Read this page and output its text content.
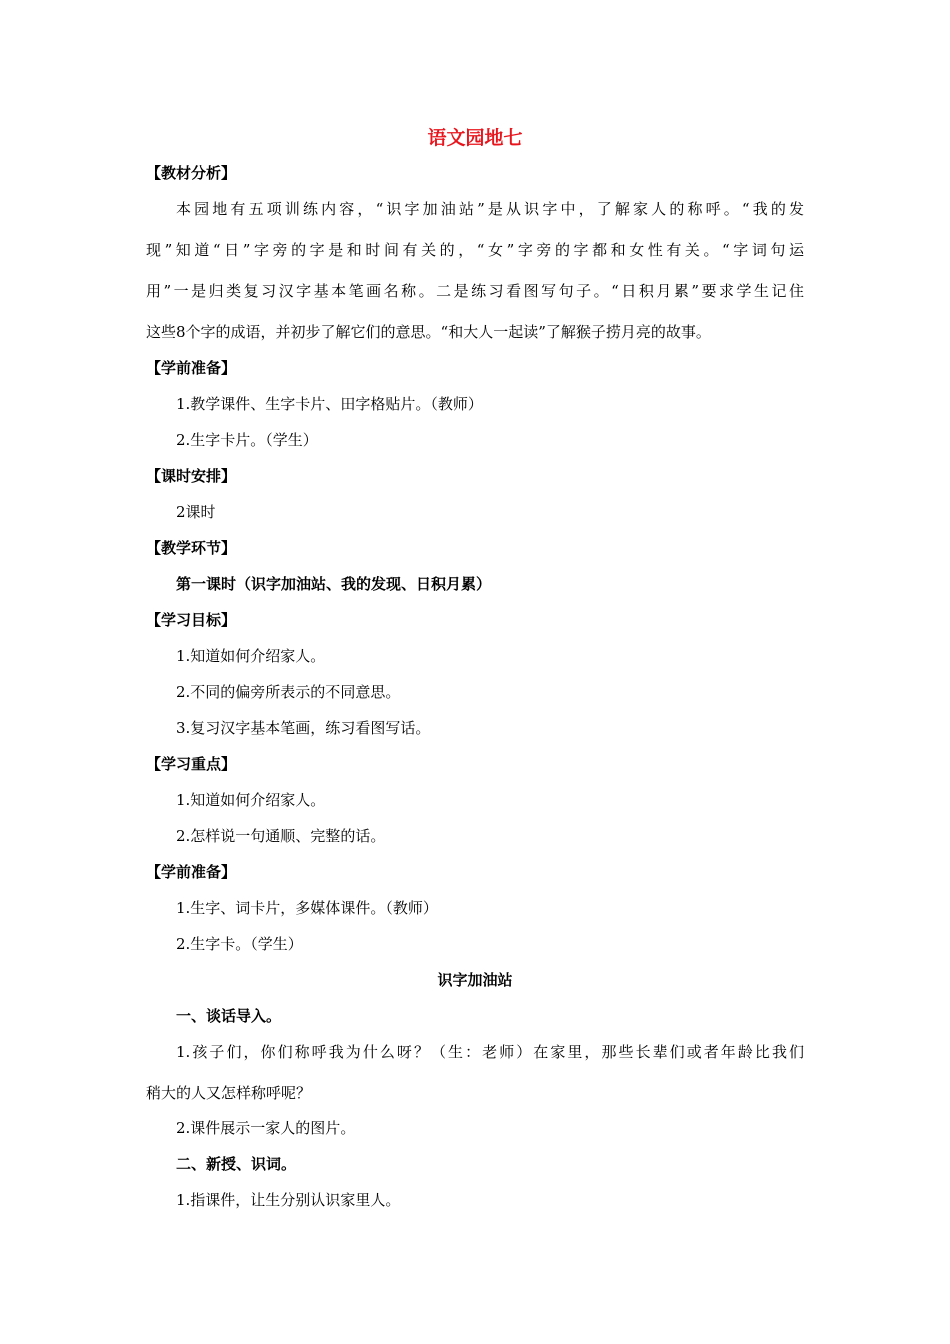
语文园地七
【教材分析】
本园地有五项训练内容，“识字加油站”是从识字中，了解家人的称呼。“我的发
现”知道“日”字旁的字是和时间有关的，“女”字旁的字都和女性有关。“字词句运
用”一是归类复习汉字基本笔画名称。二是练习看图写句子。“日积月累”要求学生记住
这些8个字的成语，并初步了解它们的意思。“和大人一起读”了解猴子捞月亮的故事。
【学前准备】
1.教学课件、生字卡片、田字格贴片。（教师）
2.生字卡片。（学生）
【课时安排】
2课时
【教学环节】
第一课时（识字加油站、我的发现、日积月累）
【学习目标】
1.知道如何介绍家人。
2.不同的偏旁所表示的不同意思。
3.复习汉字基本笔画，练习看图写话。
【学习重点】
1.知道如何介绍家人。
2.怎样说一句通顺、完整的话。
【学前准备】
1.生字、词卡片，多媒体课件。（教师）
2.生字卡。（学生）
识字加油站
一、谈话导入。
1.孩子们，你们称呼我为什么呀？（生：老师）在家里，那些长辈们或者年龄比我们
稍大的人又怎样称呼呢？
2.课件展示一家人的图片。
二、新授、识词。
1.指课件，让生分别认识家里人。
